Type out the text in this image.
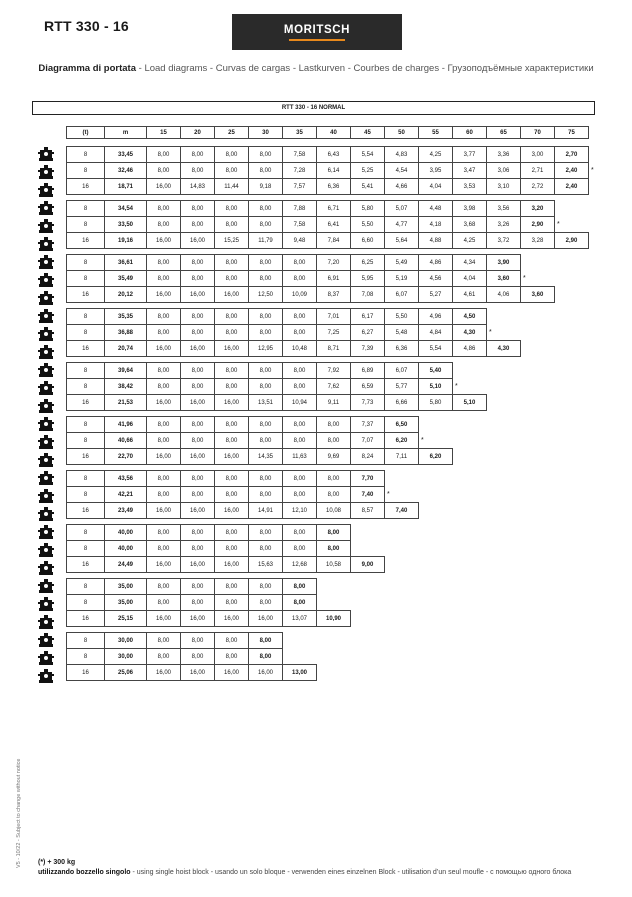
RTT 330 - 16	MORITSCH
Diagramma di portata - Load diagrams - Curvas de cargas - Lastkurven - Courbes de charges - Грузоподъёмные характеристики
RTT 330 - 16 NORMAL
(t)	m	15	20	25	30	35	40	45	50	55	60	65	70	75
*
8	33,45	8,00	8,00	8,00	8,00	7,58	6,43	5,54	4,83	4,25	3,77	3,36	3,00	2,70
8	32,46	8,00	8,00	8,00	8,00	7,28	6,14	5,25	4,54	3,95	3,47	3,06	2,71	2,40
16	18,71	16,00	14,83	11,44	9,18	7,57	6,36	5,41	4,66	4,04	3,53	3,10	2,72	2,40
*
8	34,54	8,00	8,00	8,00	8,00	7,88	6,71	5,80	5,07	4,48	3,98	3,56	3,20	
8	33,50	8,00	8,00	8,00	8,00	7,58	6,41	5,50	4,77	4,18	3,68	3,26	2,90	
16	19,16	16,00	16,00	15,25	11,79	9,48	7,84	6,60	5,64	4,88	4,25	3,72	3,28	2,90
*
8	36,61	8,00	8,00	8,00	8,00	8,00	7,20	6,25	5,49	4,86	4,34	3,90	
8	35,49	8,00	8,00	8,00	8,00	8,00	6,91	5,95	5,19	4,56	4,04	3,60	
16	20,12	16,00	16,00	16,00	12,50	10,09	8,37	7,08	6,07	5,27	4,61	4,06	3,60
*
8	35,35	8,00	8,00	8,00	8,00	8,00	7,01	6,17	5,50	4,96	4,50	
8	36,88	8,00	8,00	8,00	8,00	8,00	7,25	6,27	5,48	4,84	4,30	
16	20,74	16,00	16,00	16,00	12,95	10,48	8,71	7,39	6,36	5,54	4,86	4,30
*
8	39,64	8,00	8,00	8,00	8,00	8,00	7,92	6,89	6,07	5,40	
8	38,42	8,00	8,00	8,00	8,00	8,00	7,62	6,59	5,77	5,10	
16	21,53	16,00	16,00	16,00	13,51	10,94	9,11	7,73	6,66	5,80	5,10
*
8	41,96	8,00	8,00	8,00	8,00	8,00	8,00	7,37	6,50	
8	40,66	8,00	8,00	8,00	8,00	8,00	8,00	7,07	6,20	
16	22,70	16,00	16,00	16,00	14,35	11,63	9,69	8,24	7,11	6,20
*
8	43,56	8,00	8,00	8,00	8,00	8,00	8,00	7,70	
8	42,21	8,00	8,00	8,00	8,00	8,00	8,00	7,40	
16	23,49	16,00	16,00	16,00	14,91	12,10	10,08	8,57	7,40
8	40,00	8,00	8,00	8,00	8,00	8,00	8,00	
8	40,00	8,00	8,00	8,00	8,00	8,00	8,00	
16	24,49	16,00	16,00	16,00	15,63	12,68	10,58	9,00
8	35,00	8,00	8,00	8,00	8,00	8,00	
8	35,00	8,00	8,00	8,00	8,00	8,00	
16	25,15	16,00	16,00	16,00	16,00	13,07	10,90
8	30,00	8,00	8,00	8,00	8,00	
8	30,00	8,00	8,00	8,00	8,00	
16	25,06	16,00	16,00	16,00	16,00	13,00
V5 - 10/22 - Subject to change without notice (*) + 300 kg
utilizzando bozzello singolo - using single hoist block - usando un solo bloque - verwenden eines einzelnen Block - utilisation d’un seul moufle - с помощью одного блока
